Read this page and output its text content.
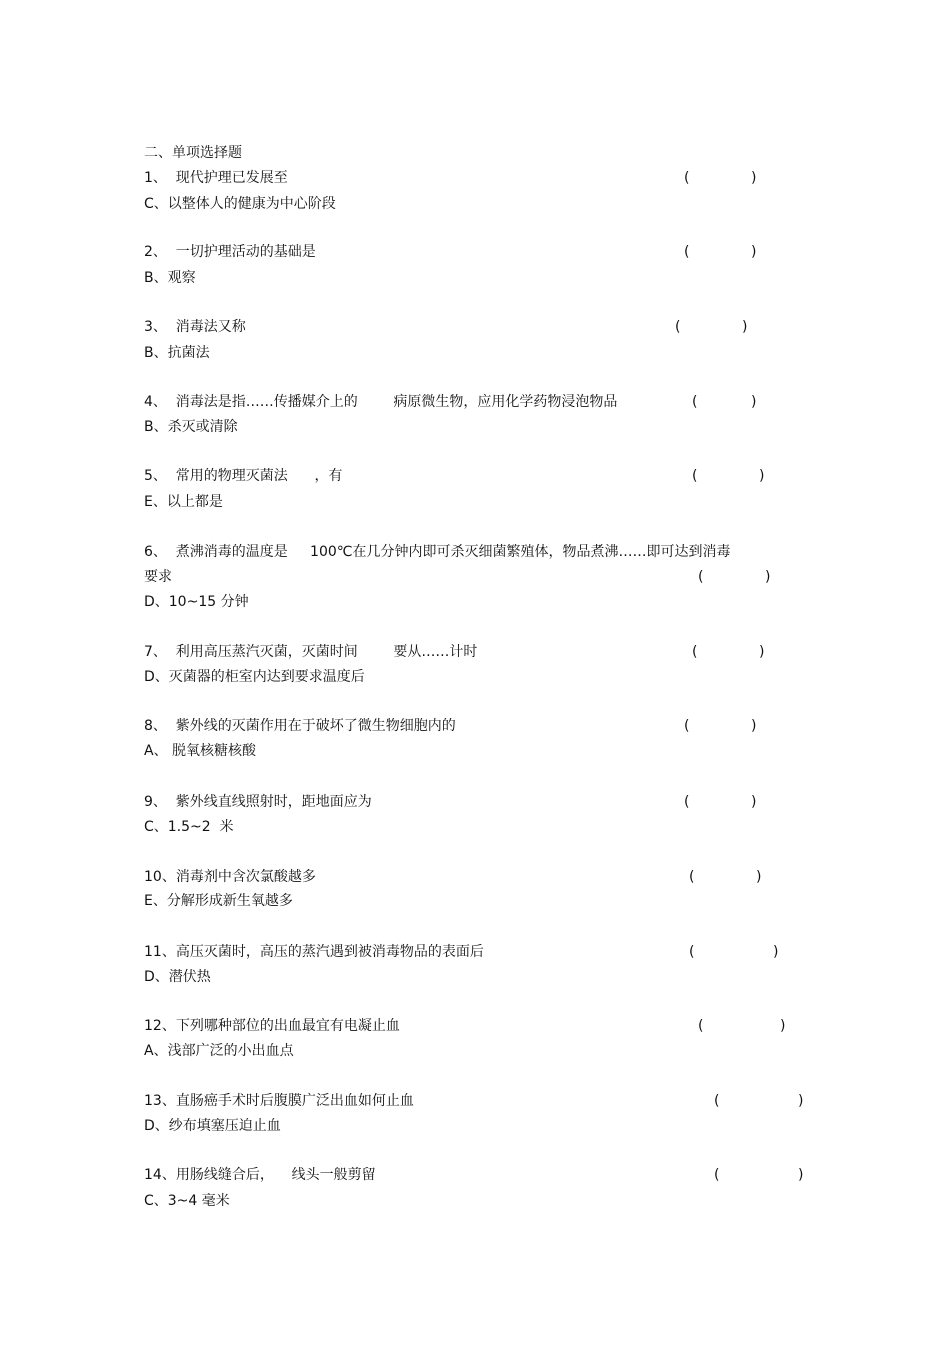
二、单项选择题
1、  现代护理已发展至	(	)
C、以整体人的健康为中心阶段
2、  一切护理活动的基础是	(	)
B、观察
3、  消毒法又称	(	)
B、抗菌法
4、  消毒法是指……传播媒介上的        病原微生物，应用化学药物浸泡物品	(	)
B、杀灭或清除
5、  常用的物理灭菌法      ，有	(	)
E、以上都是
6、  煮沸消毒的温度是     100℃在几分钟内即可杀灭细菌繁殖体，物品煮沸……即可达到消毒
要求	(	)
D、10~15 分钟
7、  利用高压蒸汽灭菌，灭菌时间        要从……计时	(	)
D、灭菌器的柜室内达到要求温度后
8、  紫外线的灭菌作用在于破坏了微生物细胞内的	(	)
A、 脱氧核糖核酸
9、  紫外线直线照射时，距地面应为	(	)
C、1.5~2  米
10、消毒剂中含次氯酸越多	(	)
E、分解形成新生氧越多
11、高压灭菌时，高压的蒸汽遇到被消毒物品的表面后	(	)
D、潜伏热
12、下列哪种部位的出血最宜有电凝止血	(	)
A、浅部广泛的小出血点
13、直肠癌手术时后腹膜广泛出血如何止血	(	)
D、纱布填塞压迫止血
14、用肠线缝合后，    线头一般剪留	(	)
C、3~4 毫米
